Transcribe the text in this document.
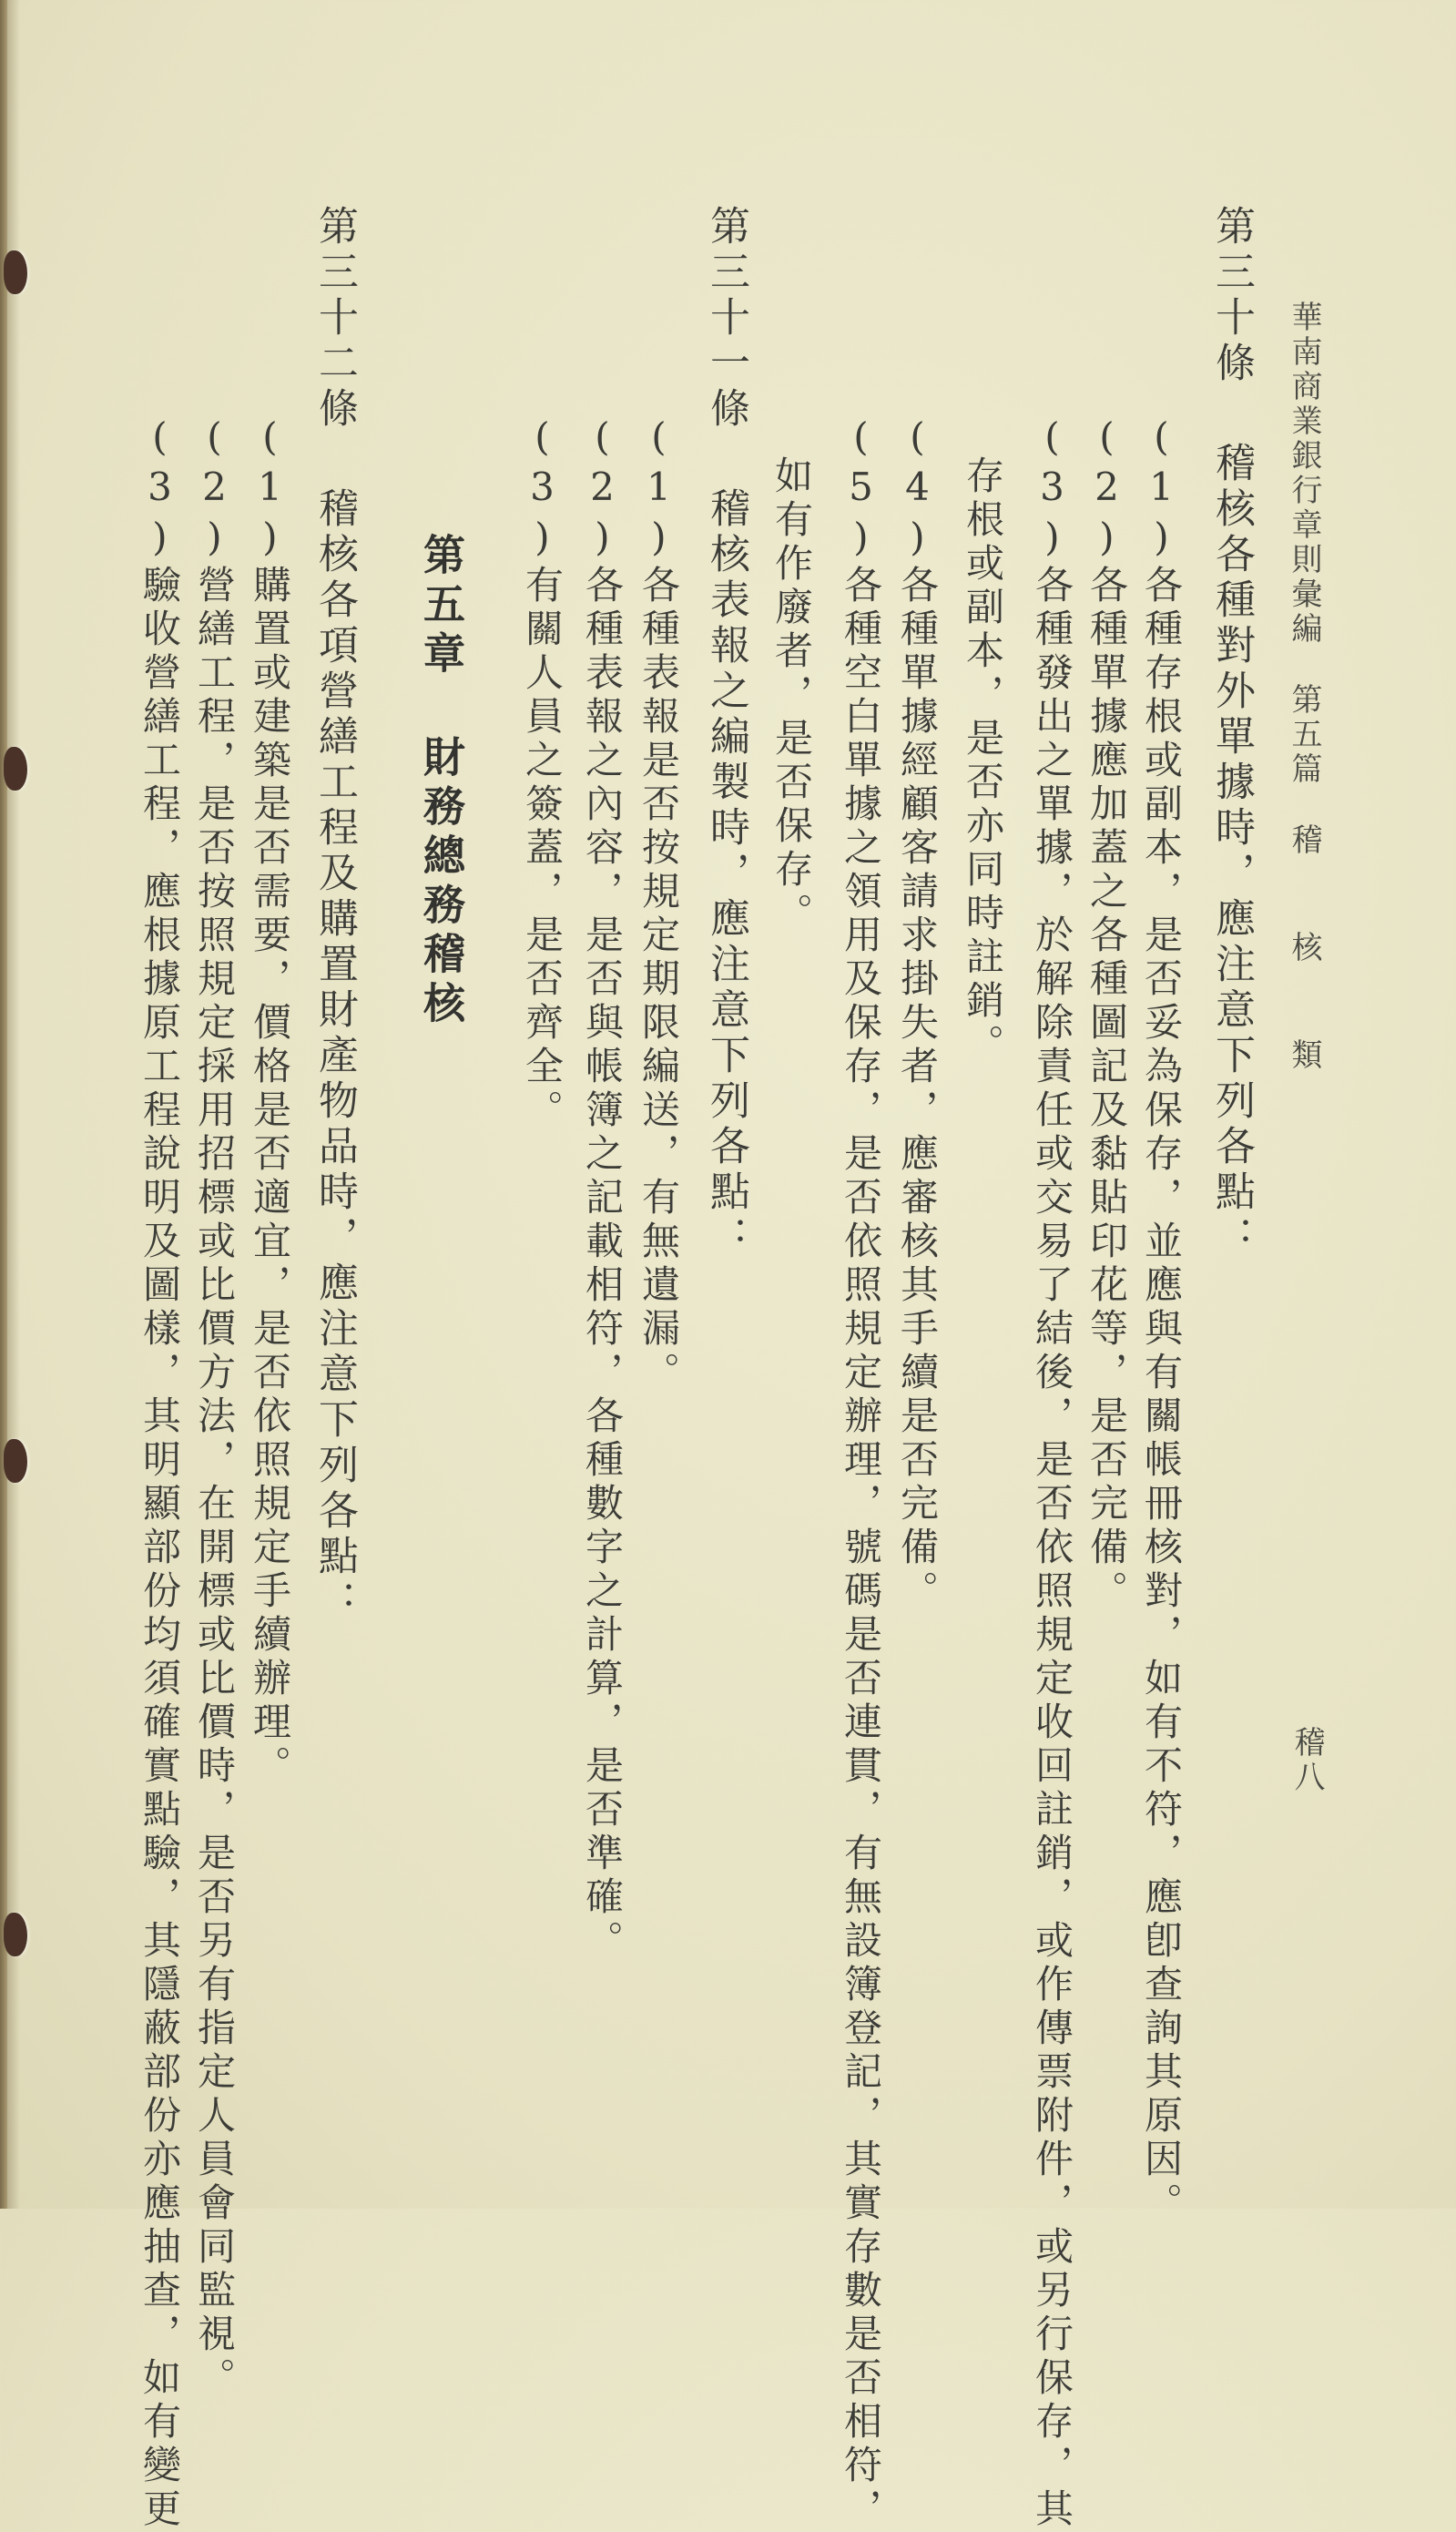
華南商業銀行章則彙編第五篇稽核類
稽八
第三十條稽核各種對外單據時，應注意下列各點：
(1)各種存根或副本，是否妥為保存，並應與有關帳冊核對，如有不符，應卽查詢其原因。
(2)各種單據應加蓋之各種圖記及黏貼印花等，是否完備。
(3)各種發出之單據，於解除責任或交易了結後，是否依照規定收回註銷，或作傳票附件，或另行保存，其
存根或副本，是否亦同時註銷。
(4)各種單據經顧客請求掛失者，應審核其手續是否完備。
(5)各種空白單據之領用及保存，是否依照規定辦理，號碼是否連貫，有無設簿登記，其實存數是否相符，
如有作廢者，是否保存。
第三十一條稽核表報之編製時，應注意下列各點：
(1)各種表報是否按規定期限編送，有無遺漏。
(2)各種表報之內容，是否與帳簿之記載相符，各種數字之計算，是否準確。
(3)有關人員之簽蓋，是否齊全。
第五章財務總務稽核
第三十二條稽核各項營繕工程及購置財產物品時，應注意下列各點：
(1)購置或建築是否需要，價格是否適宜，是否依照規定手續辦理。
(2)營繕工程，是否按照規定採用招標或比價方法，在開標或比價時，是否另有指定人員會同監視。
(3)驗收營繕工程，應根據原工程說明及圖樣，其明顯部份均須確實點驗，其隱蔽部份亦應抽查，如有變更
